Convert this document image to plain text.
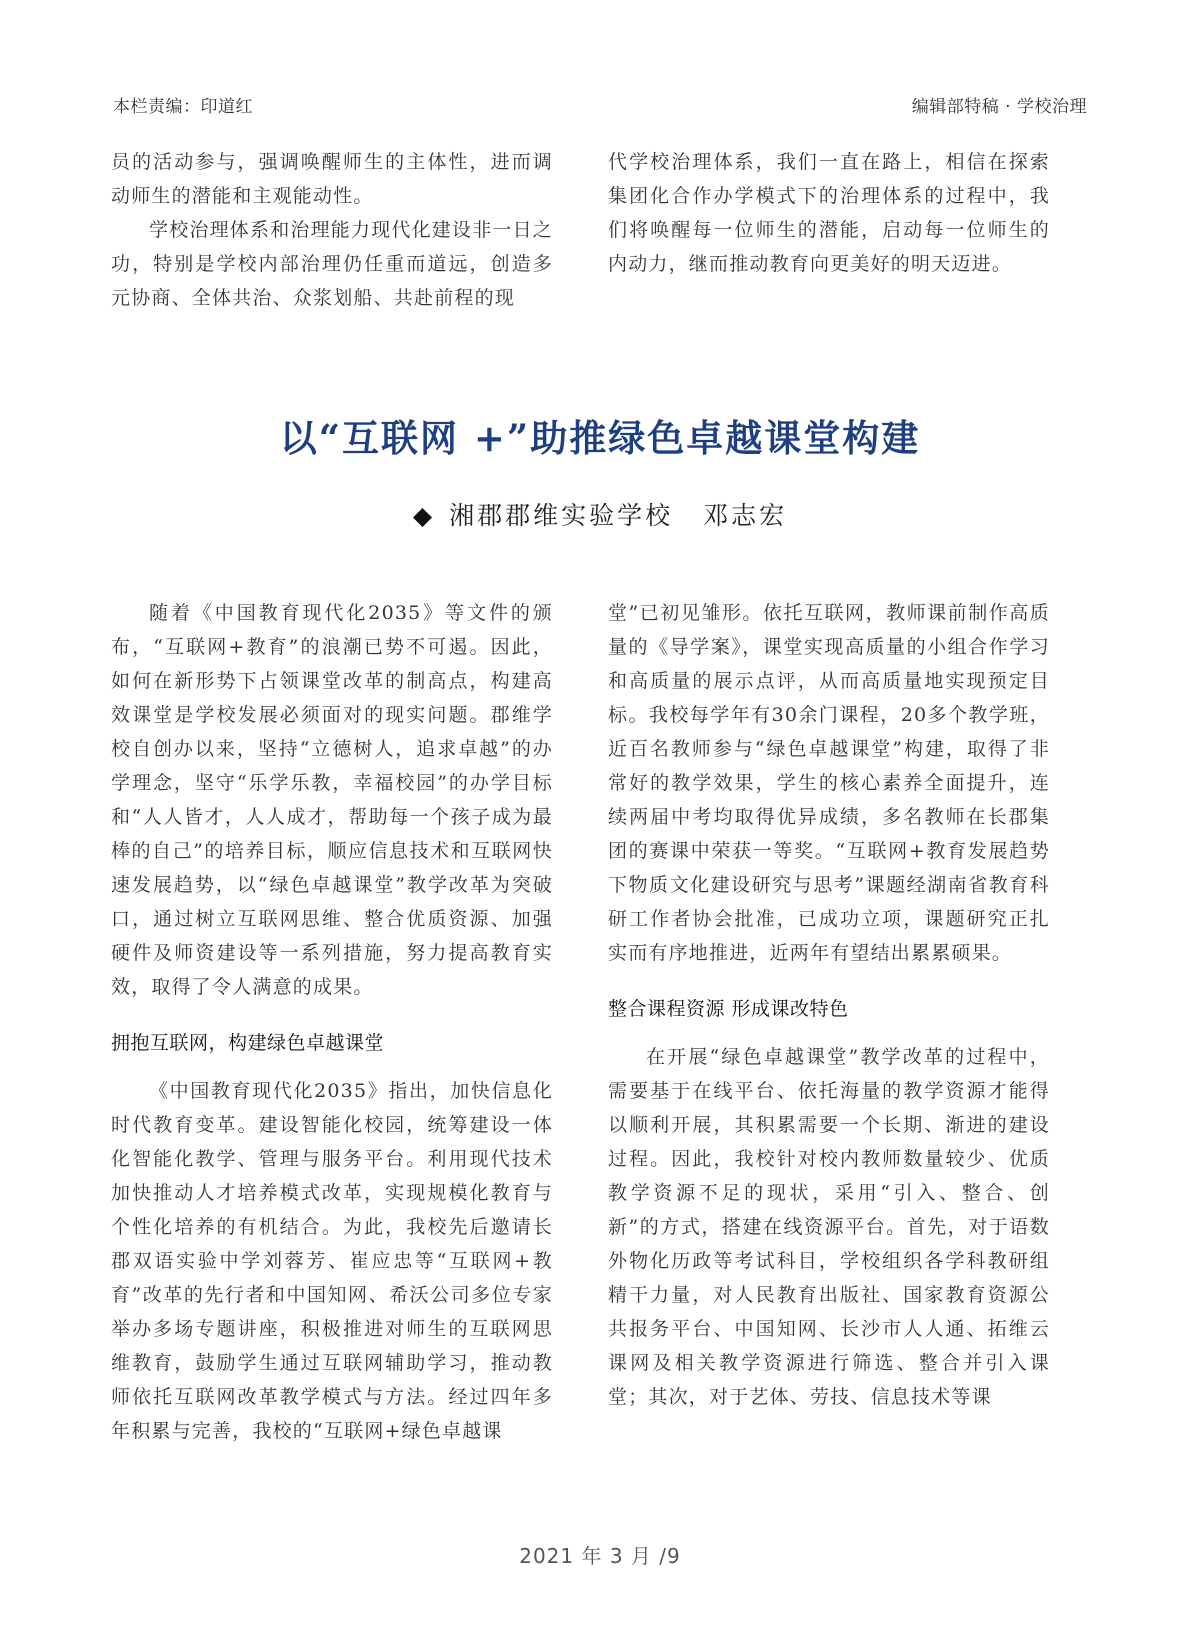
本栏责编：印道红	编辑部特稿 · 学校治理

员的活动参与，强调唤醒师生的主体性，进而调动师生的潜能和主观能动性。

学校治理体系和治理能力现代化建设非一日之功，特别是学校内部治理仍任重而道远，创造多元协商、全体共治、众浆划船、共赴前程的现

代学校治理体系，我们一直在路上，相信在探索集团化合作办学模式下的治理体系的过程中，我们将唤醒每一位师生的潜能，启动每一位师生的内动力，继而推动教育向更美好的明天迈进。

以“互联网 +”助推绿色卓越课堂构建
◆ 湘郡郡维实验学校 邓志宏

随着《中国教育现代化2035》等文件的颁布，“互联网+教育”的浪潮已势不可遏。因此，如何在新形势下占领课堂改革的制高点，构建高效课堂是学校发展必须面对的现实问题。郡维学校自创办以来，坚持“立德树人，追求卓越”的办学理念，坚守“乐学乐教，幸福校园”的办学目标和“人人皆才，人人成才，帮助每一个孩子成为最棒的自己”的培养目标，顺应信息技术和互联网快速发展趋势，以“绿色卓越课堂”教学改革为突破口，通过树立互联网思维、整合优质资源、加强硬件及师资建设等一系列措施，努力提高教育实效，取得了令人满意的成果。

拥抱互联网，构建绿色卓越课堂

《中国教育现代化2035》指出，加快信息化时代教育变革。建设智能化校园，统筹建设一体化智能化教学、管理与服务平台。利用现代技术加快推动人才培养模式改革，实现规模化教育与个性化培养的有机结合。为此，我校先后邀请长郡双语实验中学刘蓉芳、崔应忠等“互联网+教育”改革的先行者和中国知网、希沃公司多位专家举办多场专题讲座，积极推进对师生的互联网思维教育，鼓励学生通过互联网辅助学习，推动教师依托互联网改革教学模式与方法。经过四年多年积累与完善，我校的“互联网+绿色卓越课

堂”已初见雏形。依托互联网，教师课前制作高质量的《导学案》，课堂实现高质量的小组合作学习和高质量的展示点评，从而高质量地实现预定目标。我校每学年有30余门课程，20多个教学班，近百名教师参与“绿色卓越课堂”构建，取得了非常好的教学效果，学生的核心素养全面提升，连续两届中考均取得优异成绩，多名教师在长郡集团的赛课中荣获一等奖。“互联网+教育发展趋势下物质文化建设研究与思考”课题经湖南省教育科研工作者协会批准，已成功立项，课题研究正扎实而有序地推进，近两年有望结出累累硕果。

整合课程资源 形成课改特色

在开展“绿色卓越课堂”教学改革的过程中，需要基于在线平台、依托海量的教学资源才能得以顺利开展，其积累需要一个长期、渐进的建设过程。因此，我校针对校内教师数量较少、优质教学资源不足的现状，采用“引入、整合、创新”的方式，搭建在线资源平台。首先，对于语数外物化历政等考试科目，学校组织各学科教研组精干力量，对人民教育出版社、国家教育资源公共报务平台、中国知网、长沙市人人通、拓维云课网及相关教学资源进行筛选、整合并引入课堂；其次，对于艺体、劳技、信息技术等课

2021 年 3 月 /9
